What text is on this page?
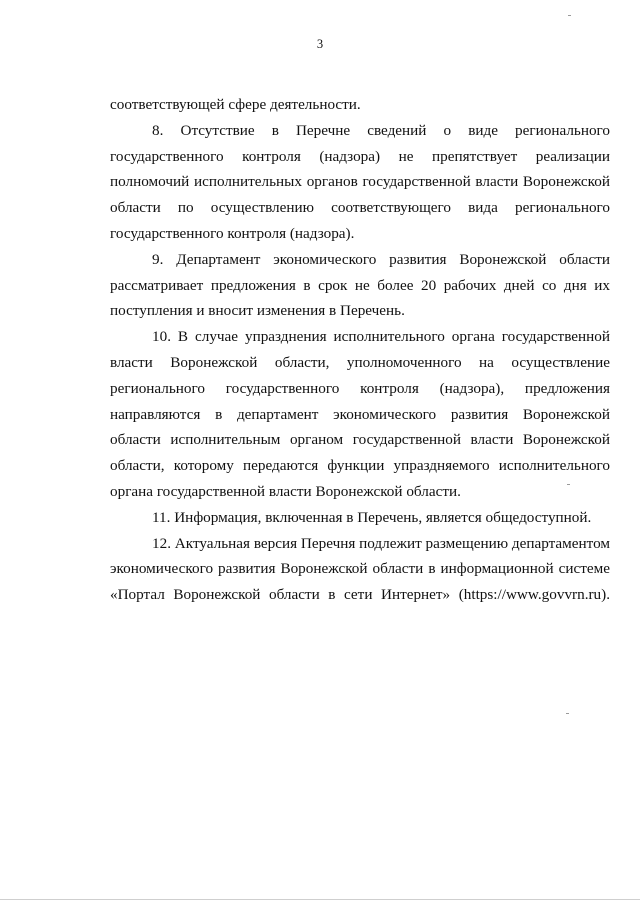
3

соответствующей сфере деятельности.

8. Отсутствие в Перечне сведений о виде регионального

государственного контроля (надзора) не препятствует реализации

полномочий исполнительных органов государственной власти Воронежской

области по осуществлению соответствующего вида регионального

государственного контроля (надзора).

9. Департамент экономического развития Воронежской области

рассматривает предложения в срок не более 20 рабочих дней со дня их

поступления и вносит изменения в Перечень.

10. В случае упразднения исполнительного органа государственной

власти Воронежской области, уполномоченного на осуществление

регионального государственного контроля (надзора), предложения

направляются в департамент экономического развития Воронежской

области исполнительным органом государственной власти Воронежской

области, которому передаются функции упраздняемого исполнительного

органа государственной власти Воронежской области.

11. Информация, включенная в Перечень, является общедоступной.

12. Актуальная версия Перечня подлежит размещению департаментом

экономического развития Воронежской области в информационной системе

«Портал Воронежской области в сети Интернет» (https://www.govvrn.ru).
